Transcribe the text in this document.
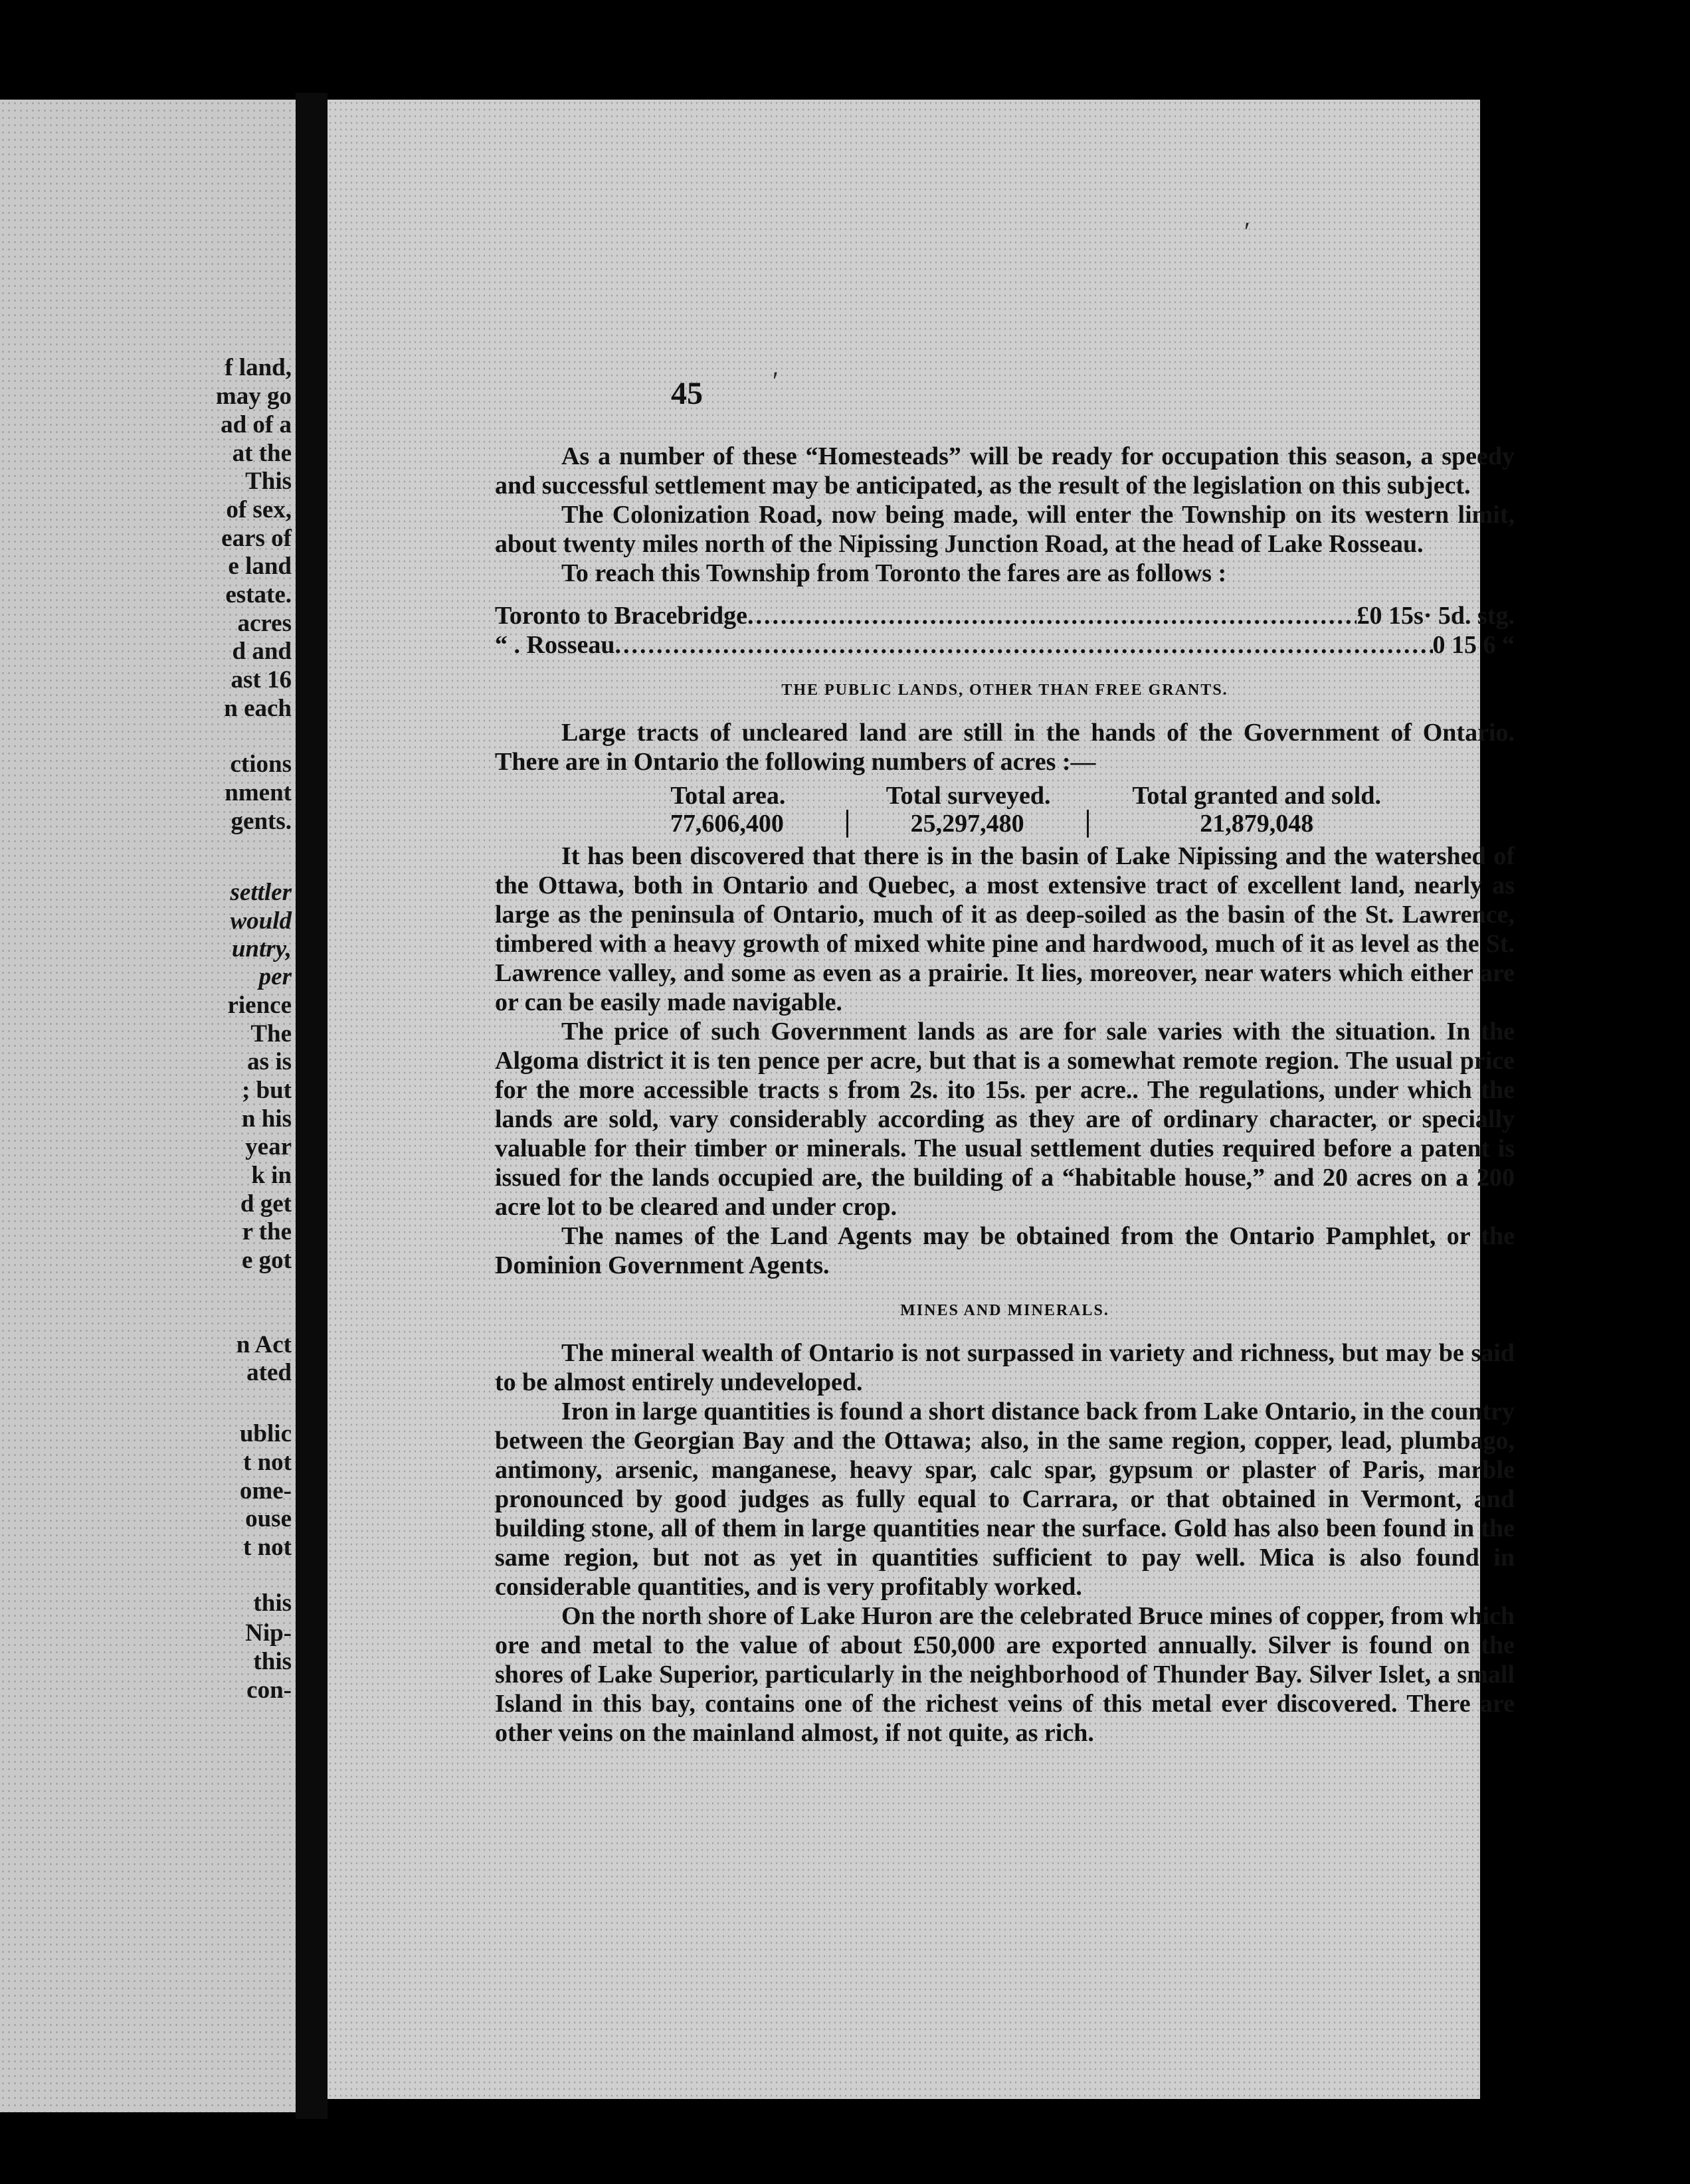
f land,
may go
ad of a
at the
This
of sex,
ears of
e land
estate.
acres
d and
ast 16
n each
ctions
nment
gents.
settler
would
untry,
per
rience
The
as is
; but
n his
year
k in
d get
r the
e got
n Act
ated
ublic
t not
ome-
ouse
t not
this
Nip-
this
con-
ʹ
ʹ
45

As a number of these “Homesteads” will be ready for occupation this season, a speedy and successful settlement may be anticipated, as the result of the legislation on this subject.

The Colonization Road, now being made, will enter the Township on its western limit, about twenty miles north of the Nipissing Junction Road, at the head of Lake Rosseau.

To reach this Township from Toronto the fares are as follows :

Toronto to Bracebridge .....	£0 15s· 5d. stg.
“ . Rosseau .....	0 15 6 “
THE PUBLIC LANDS, OTHER THAN FREE GRANTS.

Large tracts of uncleared land are still in the hands of the Government of Ontario. There are in Ontario the following numbers of acres :—

Total area.	Total surveyed.	Total granted and sold.
77,606,400	25,297,480	21,879,048

It has been discovered that there is in the basin of Lake Nipissing and the watershed of the Ottawa, both in Ontario and Quebec, a most extensive tract of excellent land, nearly as large as the peninsula of Ontario, much of it as deep-soiled as the basin of the St. Lawrence, timbered with a heavy growth of mixed white pine and hardwood, much of it as level as the St. Lawrence valley, and some as even as a prairie. It lies, moreover, near waters which either are or can be easily made navigable.

The price of such Government lands as are for sale varies with the situation. In the Algoma district it is ten pence per acre, but that is a somewhat remote region. The usual price for the more accessible tracts s from 2s. ito 15s. per acre.. The regulations, under which the lands are sold, vary considerably according as they are of ordinary character, or specially valuable for their timber or minerals. The usual settlement duties required before a patent is issued for the lands occupied are, the building of a “habitable house,” and 20 acres on a 200 acre lot to be cleared and under crop.

The names of the Land Agents may be obtained from the Ontario Pamphlet, or the Dominion Government Agents.

MINES AND MINERALS.

The mineral wealth of Ontario is not surpassed in variety and richness, but may be said to be almost entirely undeveloped.

Iron in large quantities is found a short distance back from Lake Ontario, in the country between the Georgian Bay and the Ottawa; also, in the same region, copper, lead, plumbago, antimony, arsenic, manganese, heavy spar, calc spar, gypsum or plaster of Paris, marble pronounced by good judges as fully equal to Carrara, or that obtained in Vermont, and building stone, all of them in large quantities near the surface. Gold has also been found in the same region, but not as yet in quantities sufficient to pay well. Mica is also found in considerable quantities, and is very profitably worked.

On the north shore of Lake Huron are the celebrated Bruce mines of copper, from which ore and metal to the value of about £50,000 are exported annually. Silver is found on the shores of Lake Superior, particularly in the neighborhood of Thunder Bay. Silver Islet, a small Island in this bay, contains one of the richest veins of this metal ever discovered. There are other veins on the mainland almost, if not quite, as rich.
